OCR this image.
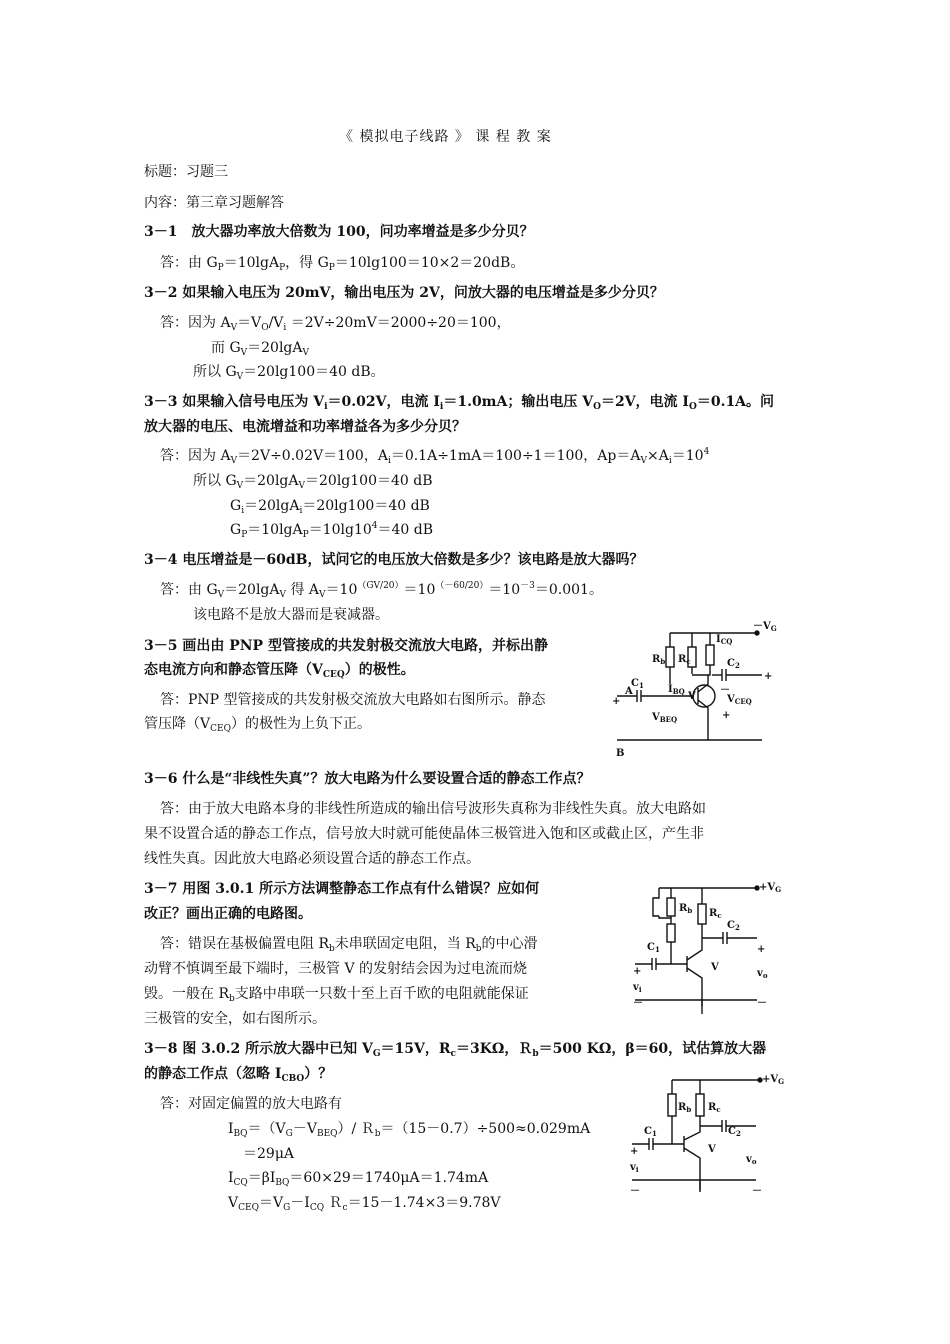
《 模拟电子线路 》 课 程 教 案
标题：习题三
内容：第三章习题解答
3－1　放大器功率放大倍数为 100，问功率增益是多少分贝？
答：由 $G_P=10\lg A_P$，得 $G_P=10\lg 100=10\times 2=20dB$。
3－2 如果输入电压为 20mV，输出电压为 2V，问放大器的电压增益是多少分贝？
答：因为 $A_V=V_O/V_i =2V\div 20mV=2000\div 20=100$，
而 $G_V=20\lg A_V$
所以 $G_V=20\lg 100=40$ dB。
3－3 如果输入信号电压为 $V_i=0.02V$，电流 $I_i=1.0mA$；输出电压 $V_O=2V$，电流 $I_O=0.1A$。问
放大器的电压、电流增益和功率增益各为多少分贝？
答：因为 $A_V=2V\div 0.02V=100$，$A_i=0.1A\div 1mA=100\div 1=100$，$Ap=A_V\times A_i=10^4$
所以 $G_V=20\lg A_V=20\lg 100=40$ dB
$G_i=20\lg A_i=20\lg 100=40$ dB
$G_P=10\lg A_P=10\lg 10^4=40$ dB
3－4 电压增益是－60dB，试问它的电压放大倍数是多少？该电路是放大器吗？
答：由 $G_V=20\lg A_V$ 得 $A_V=10^{(GV/20)}=10^{(-60/20)}=10^{-3}=0.001$。
该电路不是放大器而是衰减器。
3－5 画出由 PNP 型管接成的共发射极交流放大电路，并标出静
态电流方向和静态管压降$(V_{CEQ})$的极性。
答：PNP 型管接成的共发射极交流放大电路如右图所示。静态
管压降$(V_{CEQ})$的极性为上负下正。
3－6 什么是“非线性失真”？放大电路为什么要设置合适的静态工作点？
答：由于放大电路本身的非线性所造成的输出信号波形失真称为非线性失真。放大电路如
果不设置合适的静态工作点，信号放大时就可能使晶体三极管进入饱和区或截止区，产生非
线性失真。因此放大电路必须设置合适的静态工作点。
3－7 用图 3.0.1 所示方法调整静态工作点有什么错误？应如何
改正？画出正确的电路图。
答：错误在基极偏置电阻 $R_b$未串联固定电阻，当 $R_b$的中心滑
动臂不慎调至最下端时，三极管 V 的发射结会因为过电流而烧
毁。一般在 $R_b$支路中串联一只数十至上百千欧的电阻就能保证
三极管的安全，如右图所示。
3－8 图 3.0.2 所示放大器中已知 $V_G=15V$，$R_c=3K\Omega$，Ｒ$_b$＝500 KΩ，β＝60，试估算放大器
的静态工作点（忽略 $I_{CBO}$）？
答：对固定偏置的放大电路有
$I_{BQ}=(V_G-V_{BEQ})/$ Ｒ$_b$＝（15－0.7）÷500≈0.029mA
＝29μA
$I_{CQ}=\beta I_{BQ}=60\times 29=1740\mu A=1.74mA$
$V_{CEQ}=V_G-I_{CQ}$ Ｒ$_c$＝15－1.74×3＝9.78V
$-V_G$
$R_b$ $R_c$
$I_{CQ}$
$C_2$
+
$C_1$
A
+
$I_{BQ}$ V	$V_{CEQ}$
－
+
$V_{BEQ}$
B
$+V_G$
$R_b$ $R_c$
$C_2$
+
$C_1$
+	V
$v_i$
$v_o$
－	－
$+V_G$
$R_b$ $R_c$
$C_2$
$C_1$
+	V
$v_i$
$v_o$
－	－
